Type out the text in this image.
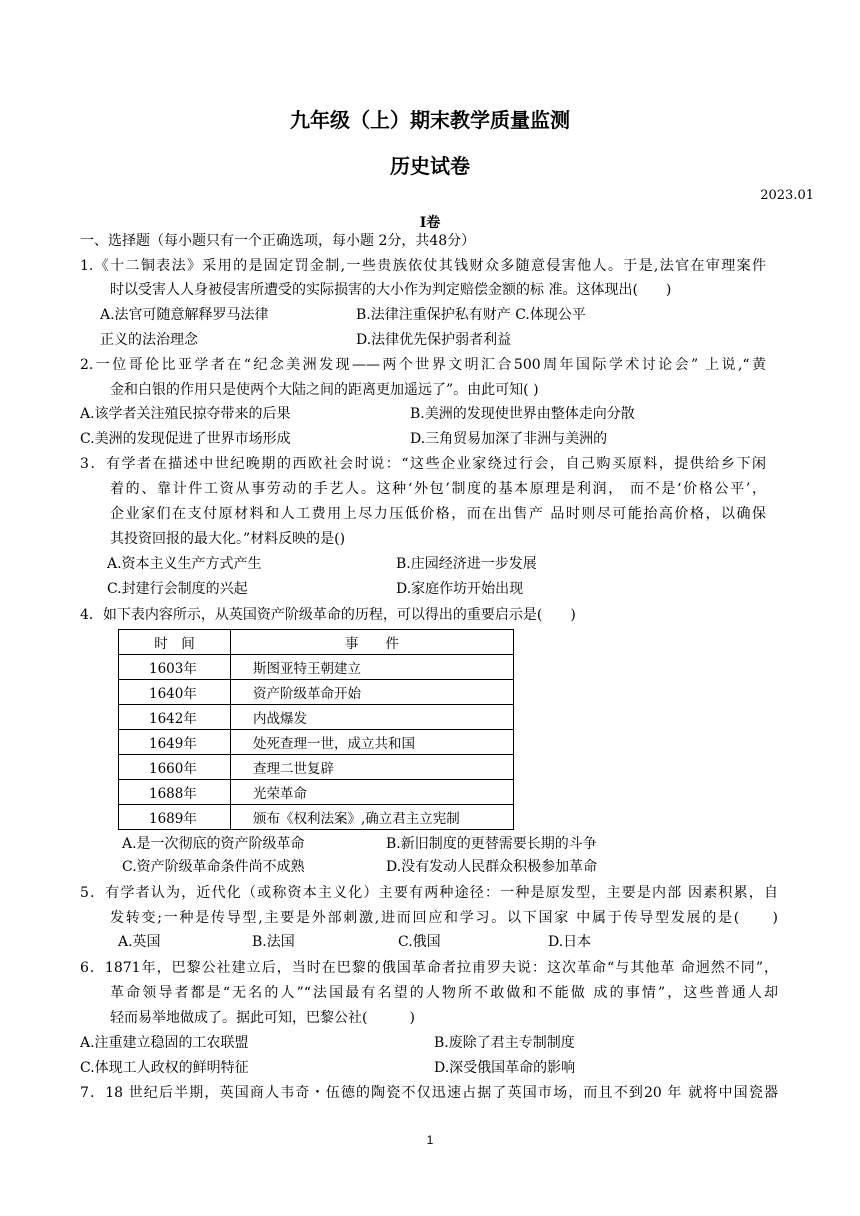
九年级（上）期末教学质量监测
历史试卷
2023.01
Ⅰ卷
一、选择题（每小题只有一个正确选项，每小题 2分，共48分）
1.《十二铜表法》采用的是固定罚金制,一些贵族依仗其钱财众多随意侵害他人。于是,法官在审理案件
时以受害人人身被侵害所遭受的实际损害的大小作为判定赔偿金额的标 准。这体现出(　　)
A.法官可随意解释罗马法律	B.法律注重保护私有财产 C.体现公平
正义的法治理念	D.法律优先保护弱者利益
2.一位哥伦比亚学者在“纪念美洲发现——两个世界文明汇合500周年国际学术讨论会” 上说,“黄
金和白银的作用只是使两个大陆之间的距离更加遥远了”。由此可知( )
A.该学者关注殖民掠夺带来的后果	B.美洲的发现使世界由整体走向分散
C.美洲的发现促进了世界市场形成	D.三角贸易加深了非洲与美洲的
3．有学者在描述中世纪晚期的西欧社会时说：“这些企业家绕过行会，自己购买原料，提供给乡下闲
着的、靠计件工资从事劳动的手艺人。这种‘外包’制度的基本原理是利润， 而不是‘价格公平’，
企业家们在支付原材料和人工费用上尽力压低价格，而在出售产 品时则尽可能抬高价格，以确保
其投资回报的最大化。”材料反映的是()
A.资本主义生产方式产生	B.庄园经济进一步发展
C.封建行会制度的兴起	D.家庭作坊开始出现
4．如下表内容所示，从英国资产阶级革命的历程，可以得出的重要启示是(　　)
时　间	事　　件
1603年	斯图亚特王朝建立
1640年	资产阶级革命开始
1642年	内战爆发
1649年	处死查理一世，成立共和国
1660年	查理二世复辟
1688年	光荣革命
1689年	颁布《权利法案》,确立君主立宪制
A.是一次彻底的资产阶级革命	B.新旧制度的更替需要长期的斗争
C.资产阶级革命条件尚不成熟	D.没有发动人民群众积极参加革命
5．有学者认为，近代化（或称资本主义化）主要有两种途径：一种是原发型，主要是内部 因素积累，自
发转变;一种是传导型,主要是外部刺激,进而回应和学习。以下国家 中属于传导型发展的是(　　)
A.英国	B.法国	C.俄国	D.日本
6．1871年，巴黎公社建立后，当时在巴黎的俄国革命者拉甫罗夫说：这次革命“与其他革 命迥然不同”，
革命领导者都是“无名的人”“法国最有名望的人物所不敢做和不能做 成的事情”，这些普通人却
轻而易举地做成了。据此可知，巴黎公社(　　　)
A.注重建立稳固的工农联盟	B.废除了君主专制制度
C.体现工人政权的鲜明特征	D.深受俄国革命的影响
7．18 世纪后半期，英国商人韦奇・伍德的陶瓷不仅迅速占据了英国市场，而且不到20 年 就将中国瓷器
1
